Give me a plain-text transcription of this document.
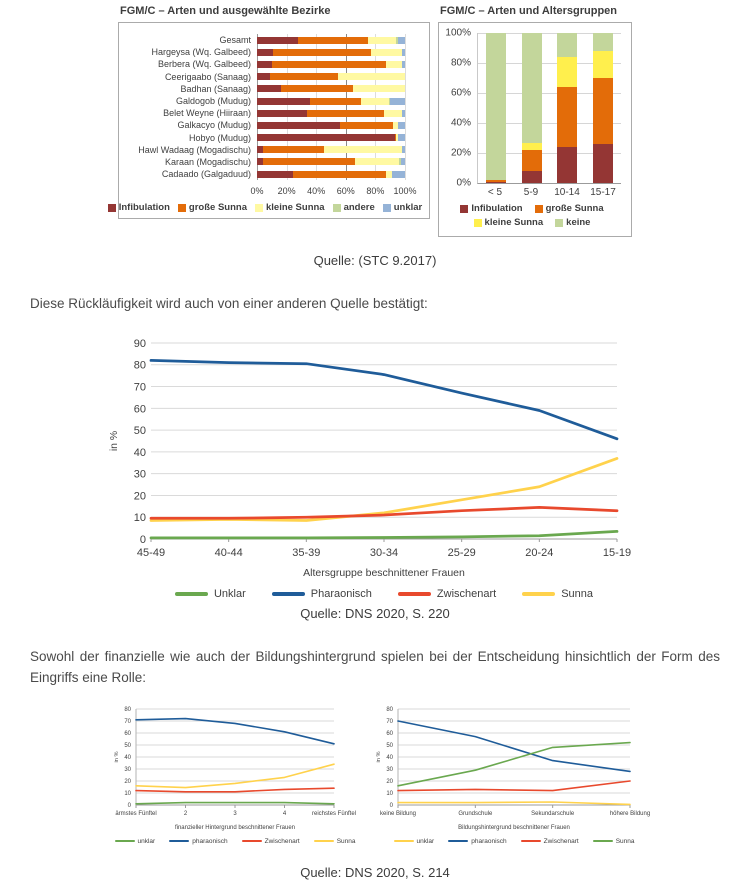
FGM/C – Arten und ausgewählte Bezirke
Gesamt
Hargeysa (Wq. Galbeed)
Berbera (Wq. Galbeed)
Ceerigaabo (Sanaag)
Badhan (Sanaag)
Galdogob (Mudug)
Belet Weyne (Hiiraan)
Galkacyo (Mudug)
Hobyo (Mudug)
Hawl Wadaag (Mogadischu)
Karaan (Mogadischu)
Cadaado (Galgaduud)
0% 20% 40% 60% 80% 100%
Infibulation große Sunna kleine Sunna andere unklar
FGM/C – Arten und Altersgruppen
100%
80%
60%
40%
20%
0%
< 5	5-9	10-14	15-17
Infibulation große Sunna
kleine Sunna keine

Quelle: (STC 9.2017)

Diese Rückläufigkeit wird auch von einer anderen Quelle bestätigt:

0
10
20
30
40
50
60
70
80
90
in %
45-49	40-44	35-39	30-34	25-29	20-24	15-19
Altersgruppe beschnittener Frauen
Unklar	Pharaonisch	Zwischenart	Sunna

Quelle: DNS 2020, S. 220

Sowohl der finanzielle wie auch der Bildungshintergrund spielen bei der Entscheidung hinsichtlich der Form des Eingriffs eine Rolle:

0
10
20
30
40
50
60
70
80
in %
ärmstes Fünftel	2	3	4	reichstes Fünftel
finanzieller Hintergrund beschnittener Frauen
unklar	pharaonisch	Zwischenart	Sunna
0
10
20
30
40
50
60
70
80
in %
keine Bildung	Grundschule	Sekundarschule	höhere Bildung
Bildungshintergrund beschnittener Frauen
unklar	pharaonisch	Zwischenart	Sunna

Quelle: DNS 2020, S. 214
